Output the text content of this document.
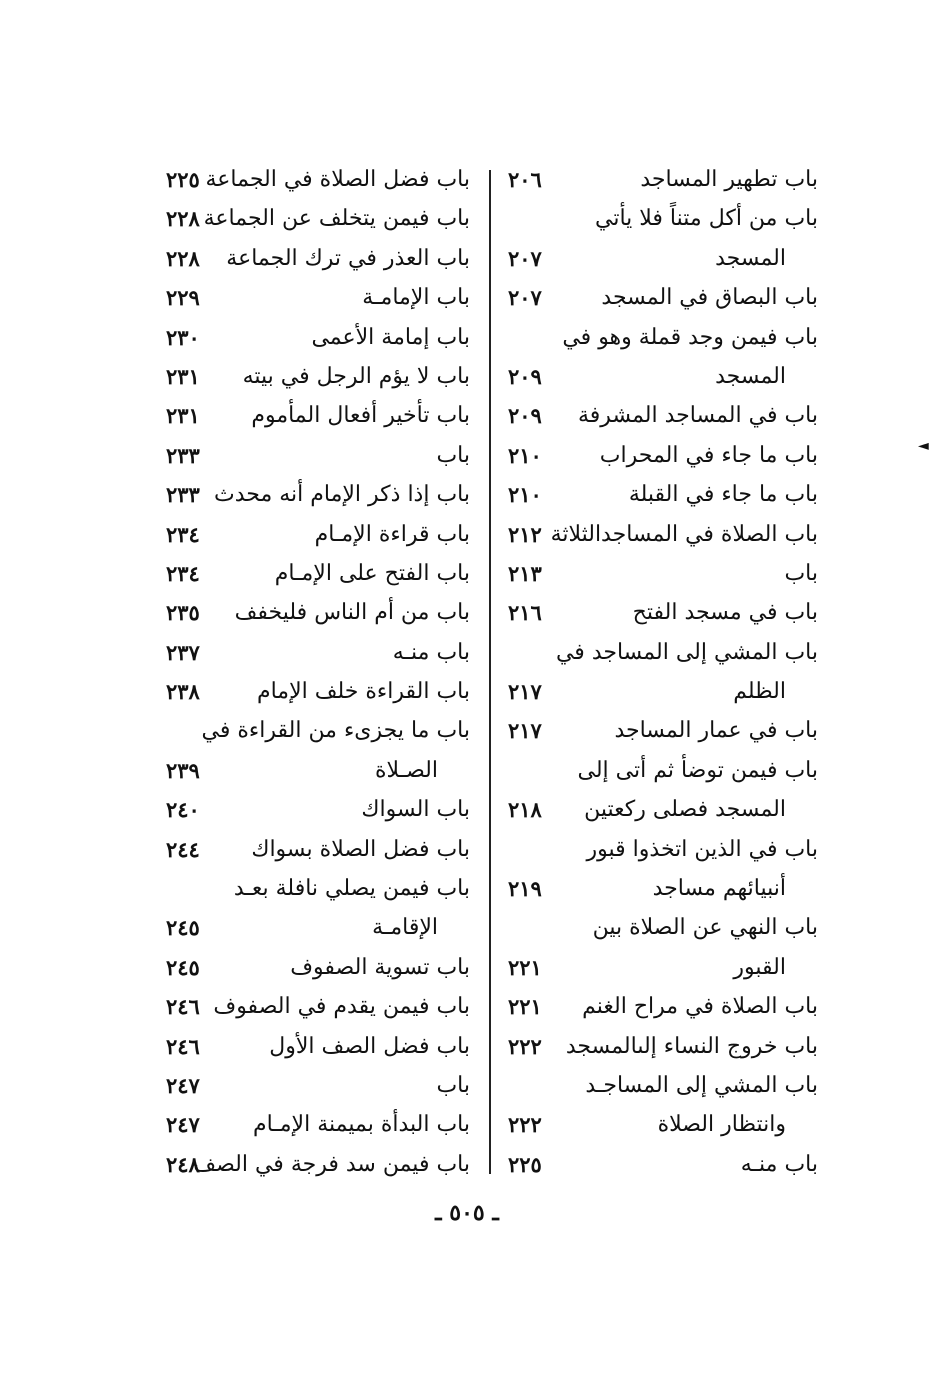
باب تطهير المساجد
٢٠٦
باب من أكل متناً فلا يأتي
المسجد
٢٠٧
باب البصاق في المسجد
٢٠٧
باب فيمن وجد قملة وهو في
المسجد
٢٠٩
باب في المساجد المشرفة
٢٠٩
باب ما جاء في المحراب
٢١٠
باب ما جاء في القبلة
٢١٠
باب الصلاة في المساجدالثلاثة
٢١٢
باب
٢١٣
باب في مسجد الفتح
٢١٦
باب المشي إلى المساجد في
الظلم
٢١٧
باب في عمار المساجد
٢١٧
باب فيمن توضأ ثم أتى إلى
المسجد فصلى ركعتين
٢١٨
باب في الذين اتخذوا قبور
أنبيائهم مساجد
٢١٩
باب النهي عن الصلاة بين
القبور
٢٢١
باب الصلاة في مراح الغنم
٢٢١
باب خروج النساء إلىالمسجد
٢٢٢
باب المشي إلى المساجـد
وانتظار الصلاة
٢٢٢
باب منـه
٢٢٥
باب فضل الصلاة في الجماعة
٢٢٥
باب فيمن يتخلف عن الجماعة
٢٢٨
باب العذر في ترك الجماعة
٢٢٨
باب الإمامـة
٢٢٩
باب إمامة الأعمى
٢٣٠
باب لا يؤم الرجل في بيته
٢٣١
باب تأخير أفعال المأموم
٢٣١
باب
٢٣٣
باب إذا ذكر الإمام أنه محدث
٢٣٣
باب قراءة الإمـام
٢٣٤
باب الفتح على الإمـام
٢٣٤
باب من أم الناس فليخفف
٢٣٥
باب منـه
٢٣٧
باب القراءة خلف الإمام
٢٣٨
باب ما يجزىء من القراءة في
الصـلاة
٢٣٩
باب السواك
٢٤٠
باب فضل الصلاة بسواك
٢٤٤
باب فيمن يصلي نافلة بعـد
الإقامـة
٢٤٥
باب تسوية الصفوف
٢٤٥
باب فيمن يقدم في الصفوف
٢٤٦
باب فضل الصف الأول
٢٤٦
باب
٢٤٧
باب البدأة بميمنة الإمـام
٢٤٧
باب فيمن سد فرجة في الصف
٢٤٨
◄
ـ ٥٠٥ ـ
